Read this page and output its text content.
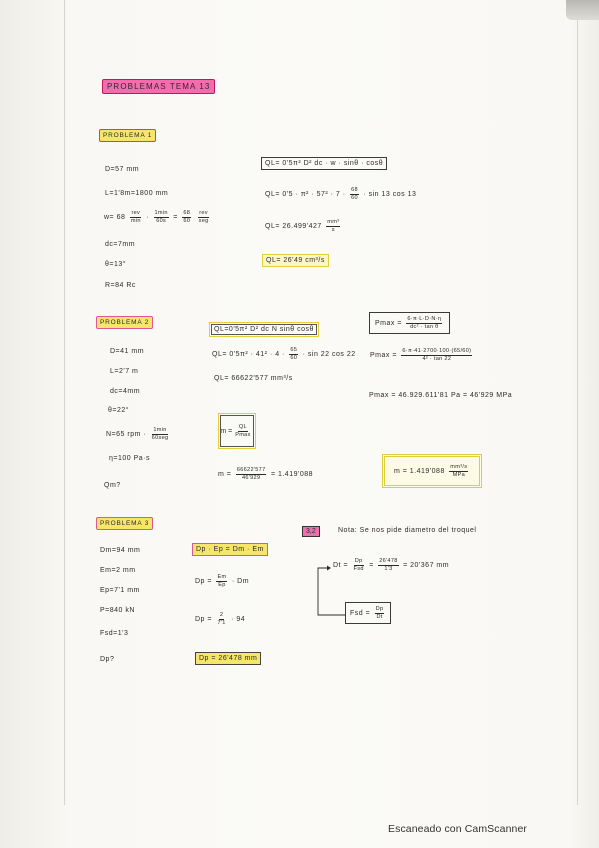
PROBLEMAS TEMA 13
PROBLEMA 1
D=57 mm
L=1'8m=1800 mm
w= 68
rev
min ·
1min
$60s = \frac{68}{60}$
rev
seg
dc=7mm
θ=13°
R=84 Rc
QL= 0'5π² D² dc · w · sinθ · cosθ
$QL= 0'5 \cdot \pi^2 \cdot 57^2 \cdot 7 \cdot \frac{68}{60} \cdot \sin 13$ cos 13
$QL= 26.499'427 \frac{\text{mm³}}{s}$
QL= 26'49 cm³/s
PROBLEMA 2
D=41 mm
L=2'7 m
dc=4mm
θ=22°
N=65 rpm ·
1min
60seg
η=100 Pa·s
Qm?
QL=0'5π² D² dc N sinθ cosθ
$QL= 0'5\pi^2 \cdot 41^2 \cdot 4 \cdot \frac{65}{60} \cdot \sin 22$ cos 22
QL= 66622'577 mm³/s
m =
QL
Pmax
$m = \frac{66622'577}{46'929} = 1.419'088$
$Pmax = \frac{6\cdot\pi\cdot L\cdot D\cdot N\cdot\eta}{\text{dc² · tan θ}}$
$Pmax = \frac{6\cdot\pi\cdot 41\cdot 2700\cdot 100\cdot(65/60)}{\text{4² · tan 22}}$
Pmax = 46.929.611'81 Pa = 46'929 MPa
m = 1.419'088
mm³/s
MPa
PROBLEMA 3
Dm=94 mm
Em=2 mm
Ep=7'1 mm
P=840 kN
Fsd=1'3
Dp?
Dp · Ep = Dm · Em
$Dp = \frac{Em}{Ep} \cdot Dm$
$Dp = \frac{2}{7'1} \cdot 94$
Dp = 26'478 mm
3,2	Nota: Se nos pide diametro del troquel
Dt =
Dp
Fsd = $\frac{26'478}{1'3} = 20'367$ mm
Fsd = $\frac{Dp}{Dt}$
Escaneado con CamScanner
